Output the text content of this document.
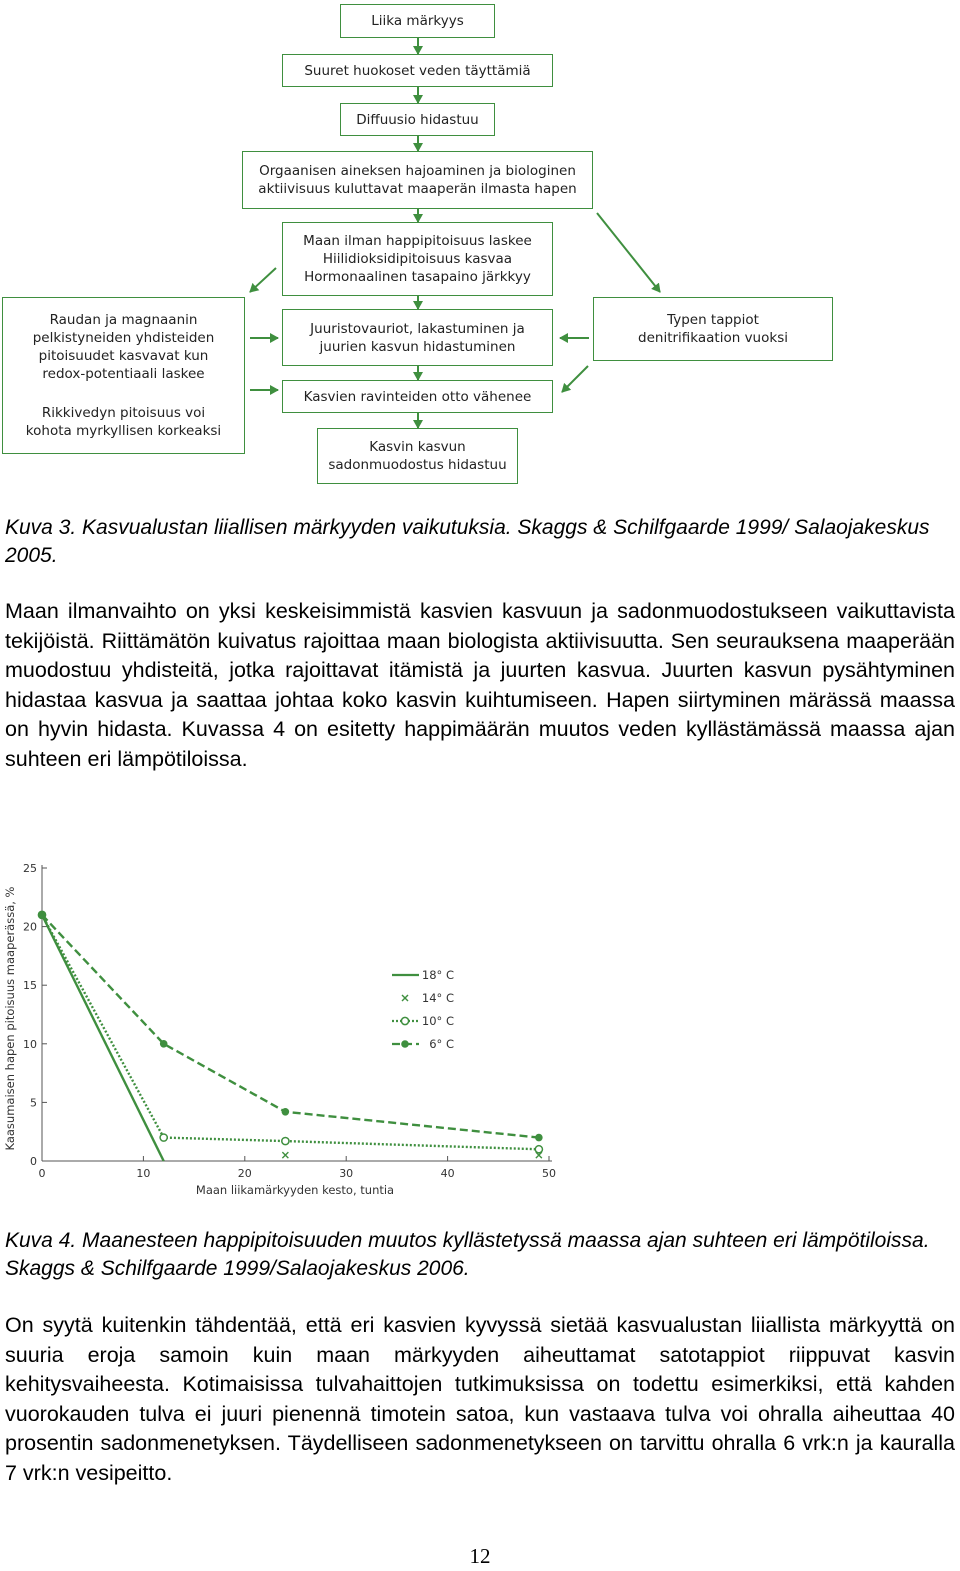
Liika märkyys
Suuret huokoset veden täyttämiä
Diffuusio hidastuu
Orgaanisen aineksen hajoaminen ja biologinen
aktiivisuus kuluttavat maaperän ilmasta hapen
Maan ilman happipitoisuus laskee
Hiilidioksidipitoisuus kasvaa
Hormonaalinen tasapaino järkkyy
Juuristovauriot, lakastuminen ja
juurien kasvun hidastuminen
Kasvien ravinteiden otto vähenee
Kasvin kasvun
sadonmuodostus hidastuu
Raudan ja magnaanin
pelkistyneiden yhdisteiden
pitoisuudet kasvavat kun
redox-potentiaali laskee
Rikkivedyn pitoisuus voi
kohota myrkyllisen korkeaksi
Typen tappiot
denitrifikaation vuoksi
Kuva 3. Kasvualustan liiallisen märkyyden vaikutuksia. Skaggs & Schilfgaarde 1999/ Salaojakeskus 2005.
Maan ilmanvaihto on yksi keskeisimmistä kasvien kasvuun ja sadonmuodostukseen vaikuttavista tekijöistä. Riittämätön kuivatus rajoittaa maan biologista aktiivisuutta. Sen seurauksena maaperään muodostuu yhdisteitä, jotka rajoittavat itämistä ja juurten kasvua. Juurten kasvun pysähtyminen hidastaa kasvua ja saattaa johtaa koko kasvin kuihtumiseen. Hapen siirtyminen märässä maassa on hyvin hidasta. Kuvassa 4 on esitetty happimäärän muutos veden kyllästämässä maassa ajan suhteen eri lämpötiloissa.
0
5
10
15
20
25
0	10	20	30	40	50
Maan liikamärkyyden kesto, tuntia
Kaasumaisen hapen pitoisuus maaperässä, %	18° C
14° C
10° C
6° C
Kuva 4. Maanesteen happipitoisuuden muutos kyllästetyssä maassa ajan suhteen eri lämpötiloissa. Skaggs & Schilfgaarde 1999/Salaojakeskus 2006.
On syytä kuitenkin tähdentää, että eri kasvien kyvyssä sietää kasvualustan liiallista märkyyttä on suuria eroja samoin kuin maan märkyyden aiheuttamat satotappiot riippuvat kasvin kehitysvaiheesta. Kotimaisissa tulvahaittojen tutkimuksissa on todettu esimerkiksi, että kahden vuorokauden tulva ei juuri pienennä timotein satoa, kun vastaava tulva voi ohralla aiheuttaa 40 prosentin sadonmenetyksen. Täydelliseen sadonmenetykseen on tarvittu ohralla 6 vrk:n ja kauralla 7 vrk:n vesipeitto.
12
